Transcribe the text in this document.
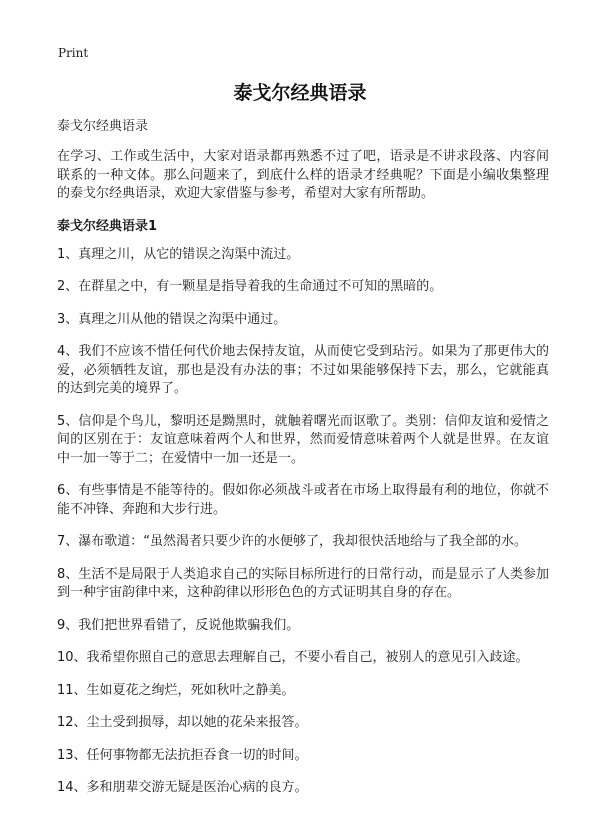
Print
泰戈尔经典语录

泰戈尔经典语录

在学习、工作或生活中，大家对语录都再熟悉不过了吧，语录是不讲求段落、内容间联系的一种文体。那么问题来了，到底什么样的语录才经典呢？下面是小编收集整理的泰戈尔经典语录，欢迎大家借鉴与参考，希望对大家有所帮助。

泰戈尔经典语录1
1、真理之川，从它的错误之沟渠中流过。
2、在群星之中，有一颗星是指导着我的生命通过不可知的黑暗的。
3、真理之川从他的错误之沟渠中通过。
4、我们不应该不惜任何代价地去保持友谊，从而使它受到玷污。如果为了那更伟大的爱，必须牺牲友谊，那也是没有办法的事；不过如果能够保持下去，那么，它就能真的达到完美的境界了。
5、信仰是个鸟儿，黎明还是黝黑时，就触着曙光而讴歌了。类别：信仰友谊和爱情之间的区别在于：友谊意味着两个人和世界，然而爱情意味着两个人就是世界。在友谊中一加一等于二；在爱情中一加一还是一。
6、有些事情是不能等待的。假如你必须战斗或者在市场上取得最有利的地位，你就不能不冲锋、奔跑和大步行进。
7、瀑布歌道：“虽然渴者只要少许的水便够了，我却很快活地给与了我全部的水。
8、生活不是局限于人类追求自己的实际目标所进行的日常行动，而是显示了人类参加到一种宇宙韵律中来，这种韵律以形形色色的方式证明其自身的存在。
9、我们把世界看错了，反说他欺骗我们。
10、我希望你照自己的意思去理解自己，不要小看自己，被别人的意见引入歧途。
11、生如夏花之绚烂，死如秋叶之静美。
12、尘土受到损辱，却以她的花朵来报答。
13、任何事物都无法抗拒吞食一切的时间。
14、多和朋辈交游无疑是医治心病的良方。
